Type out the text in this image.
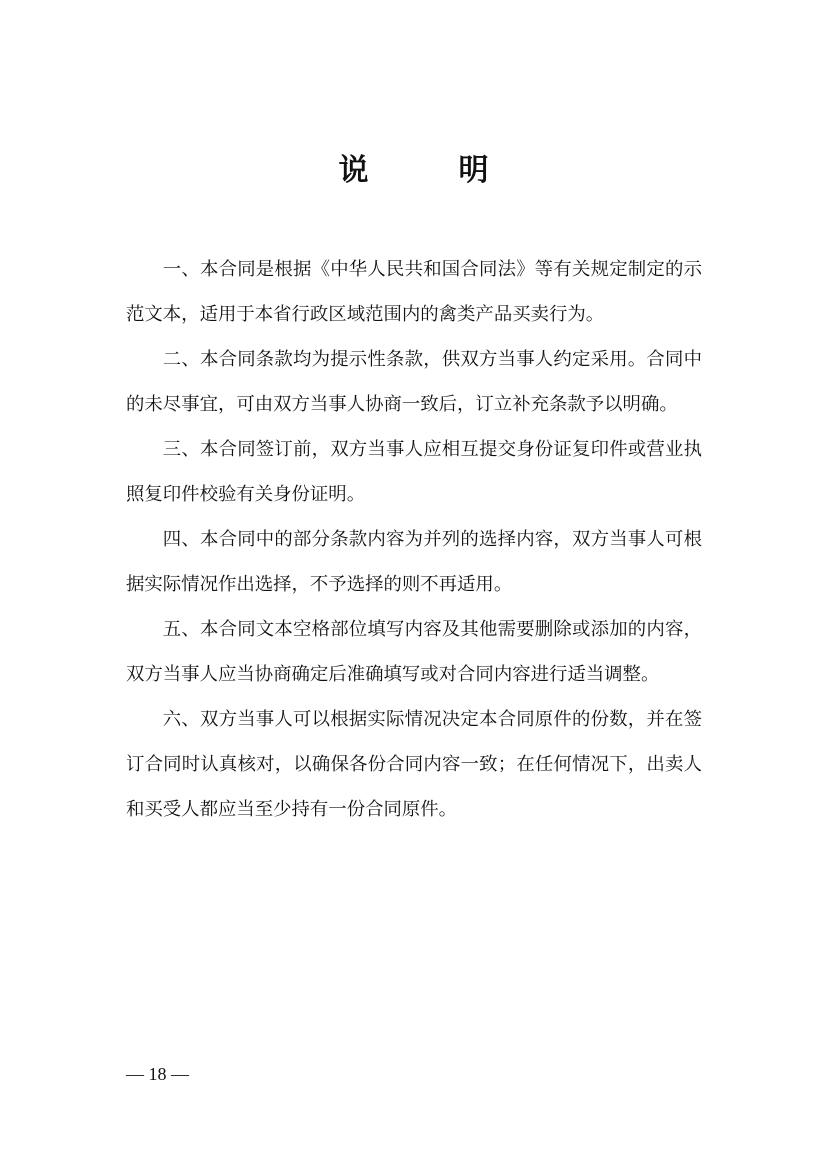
说　明

一、本合同是根据《中华人民共和国合同法》等有关规定制定的示范文本，适用于本省行政区域范围内的禽类产品买卖行为。

二、本合同条款均为提示性条款，供双方当事人约定采用。合同中的未尽事宜，可由双方当事人协商一致后，订立补充条款予以明确。

三、本合同签订前，双方当事人应相互提交身份证复印件或营业执照复印件校验有关身份证明。

四、本合同中的部分条款内容为并列的选择内容，双方当事人可根据实际情况作出选择，不予选择的则不再适用。

五、本合同文本空格部位填写内容及其他需要删除或添加的内容，双方当事人应当协商确定后准确填写或对合同内容进行适当调整。

六、双方当事人可以根据实际情况决定本合同原件的份数，并在签订合同时认真核对，以确保各份合同内容一致；在任何情况下，出卖人和买受人都应当至少持有一份合同原件。

— 18 —
